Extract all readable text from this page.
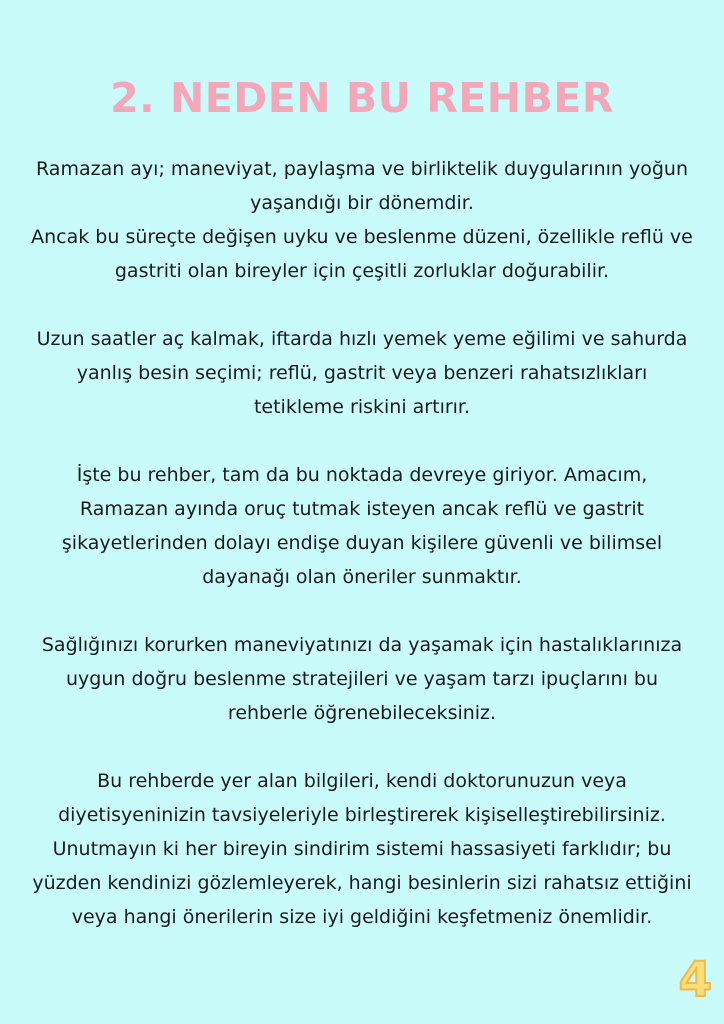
2. NEDEN BU REHBER

Ramazan ayı; maneviyat, paylaşma ve birliktelik duygularının yoğun yaşandığı bir dönemdir.

Ancak bu süreçte değişen uyku ve beslenme düzeni, özellikle reflü ve gastriti olan bireyler için çeşitli zorluklar doğurabilir.

Uzun saatler aç kalmak, iftarda hızlı yemek yeme eğilimi ve sahurda yanlış besin seçimi; reflü, gastrit veya benzeri rahatsızlıkları tetikleme riskini artırır.

İşte bu rehber, tam da bu noktada devreye giriyor. Amacım, Ramazan ayında oruç tutmak isteyen ancak reflü ve gastrit şikayetlerinden dolayı endişe duyan kişilere güvenli ve bilimsel dayanağı olan öneriler sunmaktır.

Sağlığınızı korurken maneviyatınızı da yaşamak için hastalıklarınıza uygun doğru beslenme stratejileri ve yaşam tarzı ipuçlarını bu rehberle öğrenebileceksiniz.

Bu rehberde yer alan bilgileri, kendi doktorunuzun veya diyetisyeninizin tavsiyeleriyle birleştirerek kişiselleştirebilirsiniz.

Unutmayın ki her bireyin sindirim sistemi hassasiyeti farklıdır; bu yüzden kendinizi gözlemleyerek, hangi besinlerin sizi rahatsız ettiğini veya hangi önerilerin size iyi geldiğini keşfetmeniz önemlidir.

4
